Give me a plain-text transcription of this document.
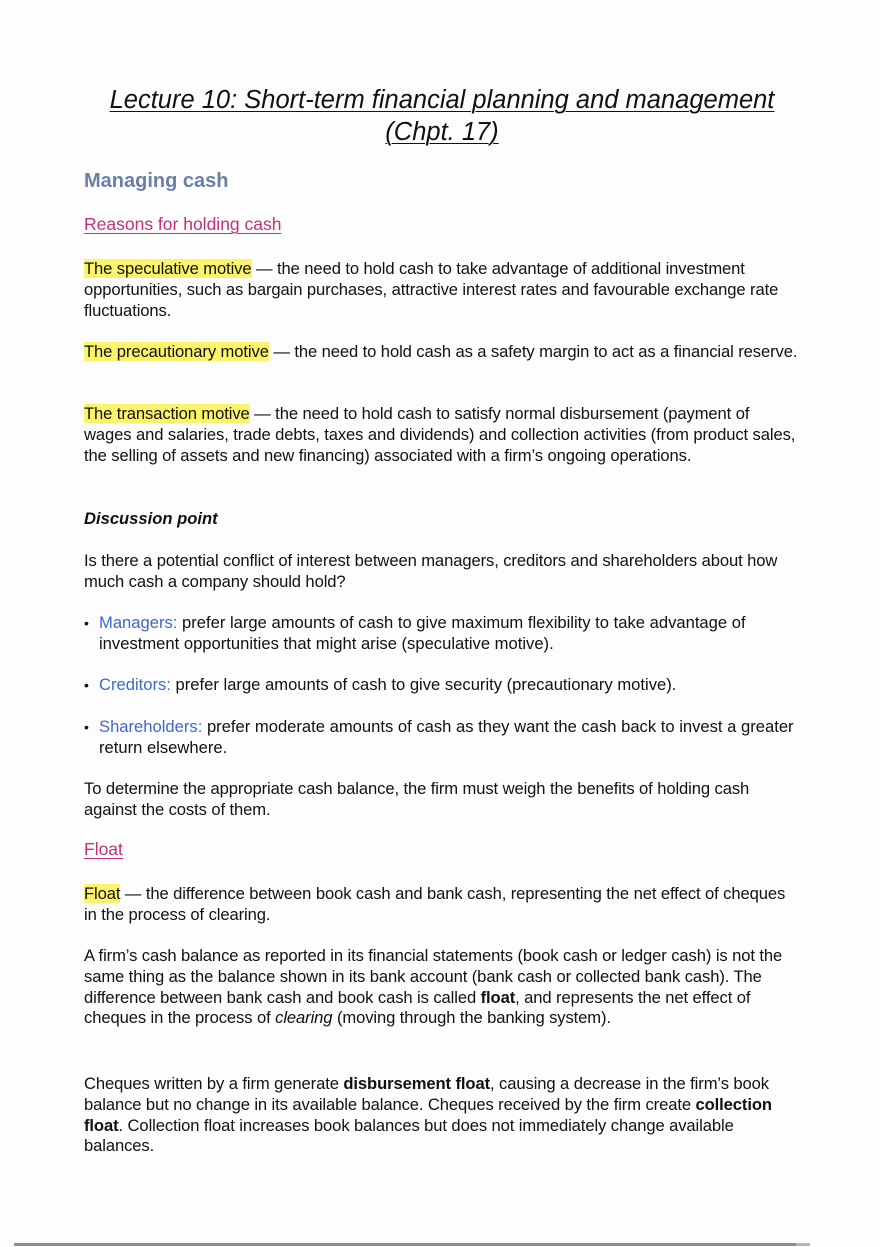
Lecture 10: Short-term financial planning and management
(Chpt. 17)
Managing cash
Reasons for holding cash
The speculative motive — the need to hold cash to take advantage of additional investment opportunities, such as bargain purchases, attractive interest rates and favourable exchange rate fluctuations.
The precautionary motive — the need to hold cash as a safety margin to act as a financial reserve.
The transaction motive — the need to hold cash to satisfy normal disbursement (payment of wages and salaries, trade debts, taxes and dividends) and collection activities (from product sales, the selling of assets and new financing) associated with a firm’s ongoing operations.
Discussion point
Is there a potential conflict of interest between managers, creditors and shareholders about how much cash a company should hold?
• Managers: prefer large amounts of cash to give maximum flexibility to take advantage of investment opportunities that might arise (speculative motive).
• Creditors: prefer large amounts of cash to give security (precautionary motive).
• Shareholders: prefer moderate amounts of cash as they want the cash back to invest a greater return elsewhere.
To determine the appropriate cash balance, the firm must weigh the benefits of holding cash against the costs of them.
Float
Float — the difference between book cash and bank cash, representing the net effect of cheques in the process of clearing.
A firm’s cash balance as reported in its financial statements (book cash or ledger cash) is not the same thing as the balance shown in its bank account (bank cash or collected bank cash). The difference between bank cash and book cash is called float, and represents the net effect of cheques in the process of clearing (moving through the banking system).
Cheques written by a firm generate disbursement float, causing a decrease in the firm’s book balance but no change in its available balance. Cheques received by the firm create collection float. Collection float increases book balances but does not immediately change available balances.
